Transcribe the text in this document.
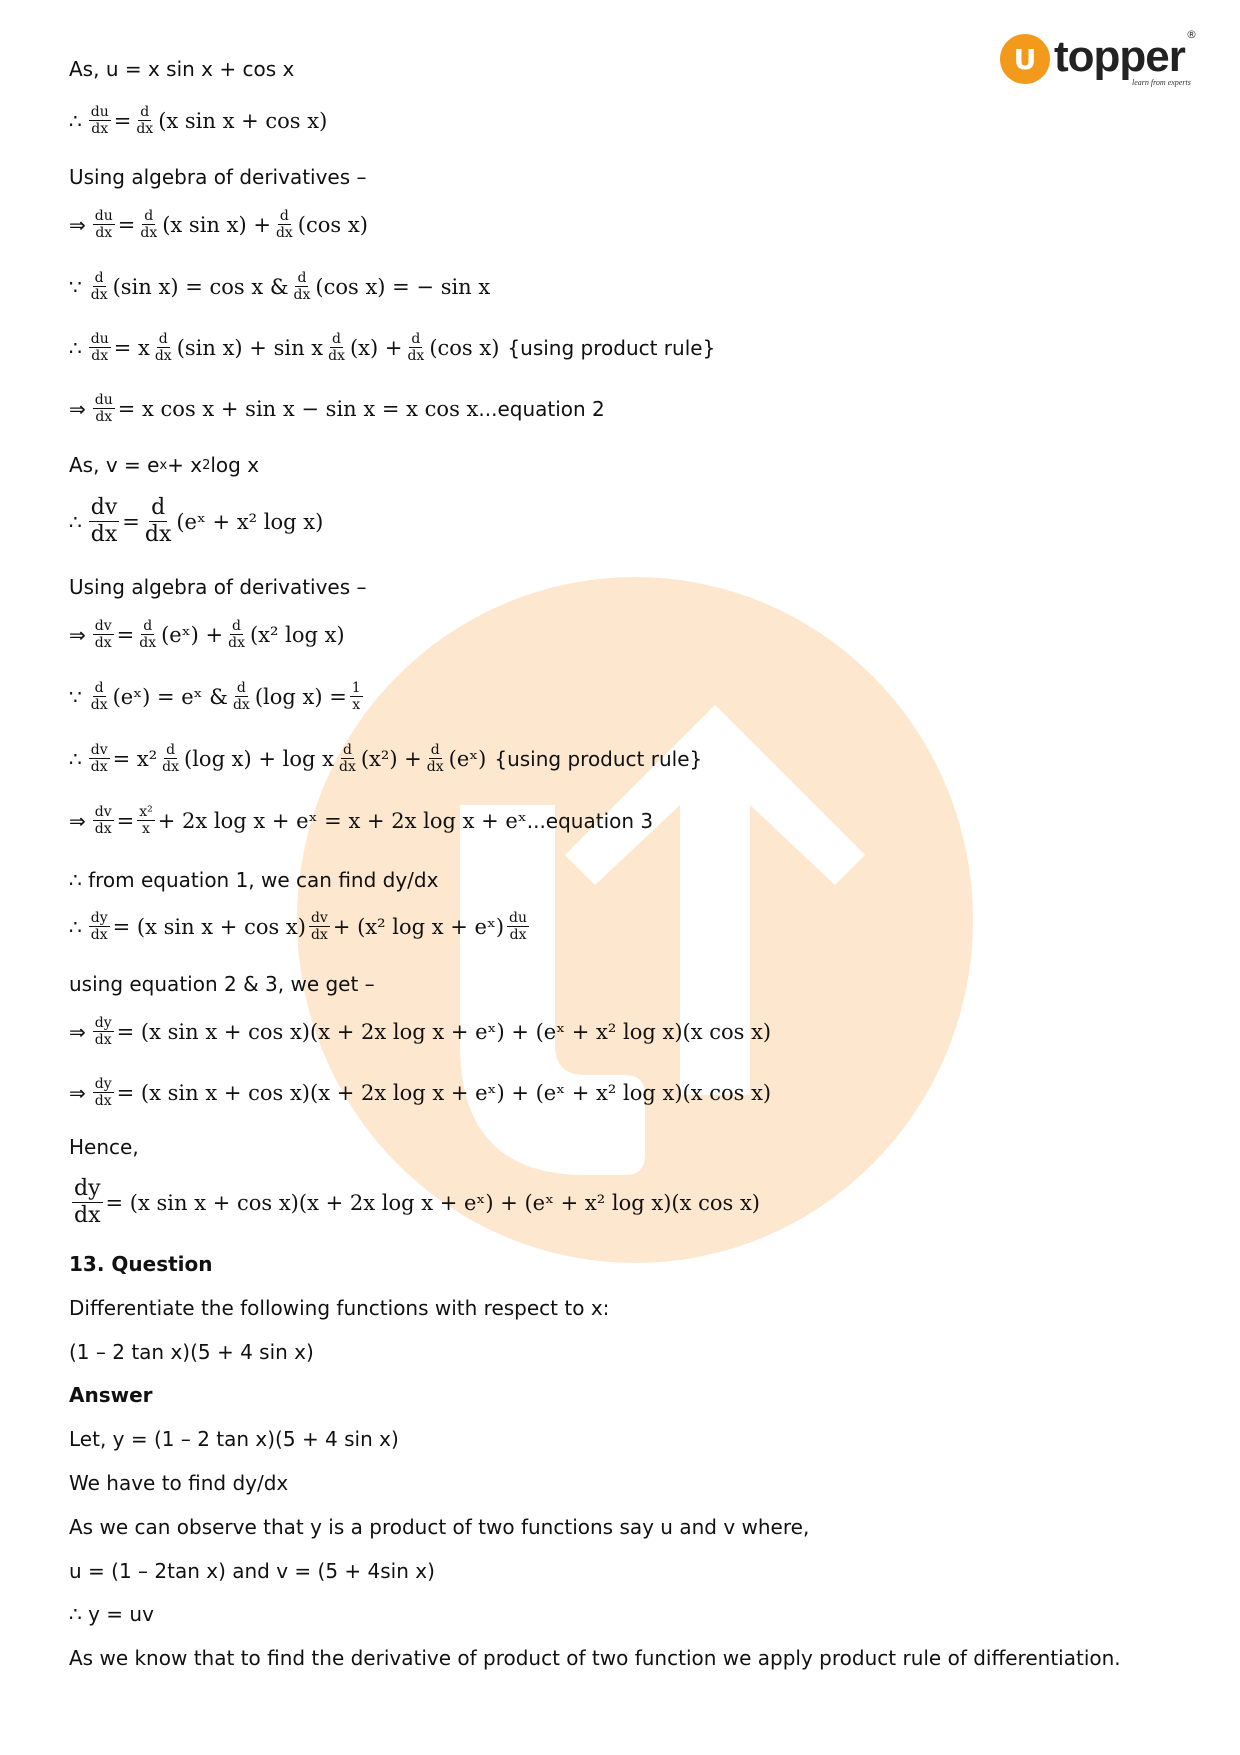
U topper ®
learn from experts
As, u = x sin x + cos x
∴ $\frac{du}{dx} = \frac{d}{dx} (x$ sin x + cos x)
Using algebra of derivatives –
⇒ $\frac{du}{dx} = \frac{d}{dx} (x$ $\sin x) + \frac{d}{dx} (\cos$ x)
∵ $\frac{d}{dx} (\sin$ x) = cos x & $\frac{d}{dx} (\cos$ x) = − sin x
∴ $\frac{du}{dx} = x \frac{d}{dx} (\sin$ x) + sin x $\frac{d}{dx} (x) + \frac{d}{dx} (\cos$ x) {using product rule}
⇒ $\frac{du}{dx} = x$ cos x + sin x − sin x = x cos x ...equation 2
As, v = e x + x 2 log x
∴ $\frac{dv}{dx} = \frac{d}{dx}$ (eˣ + x² log x)
Using algebra of derivatives –
⇒ $\frac{dv}{dx} = \frac{d}{dx}$ (eˣ) + $\frac{d}{dx} (x^2$ log x)
∵ $\frac{d}{dx}$ (eˣ) = eˣ & $\frac{d}{dx} (\log$ $x) = \frac{1}{x}$
∴ $\frac{dv}{dx} = x^2 \frac{d}{dx} (\log$ x) + log x $\frac{d}{dx} (x^2) + \frac{d}{dx}$ (eˣ) {using product rule}
⇒ $\frac{dv}{dx} = \frac{\text{x²}}{x} + 2x$ log x + eˣ = x + 2x log x + eˣ ...equation 3
∴ from equation 1, we can find dy/dx
∴ $\frac{dy}{dx} = (x$ $\sin x + \cos x) \frac{dv}{dx} + (x^2$ log x + eˣ) $\frac{du}{dx}$
using equation 2 & 3, we get –
⇒ $\frac{dy}{dx} = (x$ sin x + cos x)(x + 2x log x + eˣ) + (eˣ + x² log x)(x cos x)
⇒ $\frac{dy}{dx} = (x$ sin x + cos x)(x + 2x log x + eˣ) + (eˣ + x² log x)(x cos x)
Hence,
$\frac{dy}{dx} = (x$ sin x + cos x)(x + 2x log x + eˣ) + (eˣ + x² log x)(x cos x)
13. Question
Differentiate the following functions with respect to x:
(1 – 2 tan x)(5 + 4 sin x)
Answer
Let, y = (1 – 2 tan x)(5 + 4 sin x)
We have to find dy/dx
As we can observe that y is a product of two functions say u and v where,
u = (1 – 2tan x) and v = (5 + 4sin x)
∴ y = uv
As we know that to find the derivative of product of two function we apply product rule of differentiation.
